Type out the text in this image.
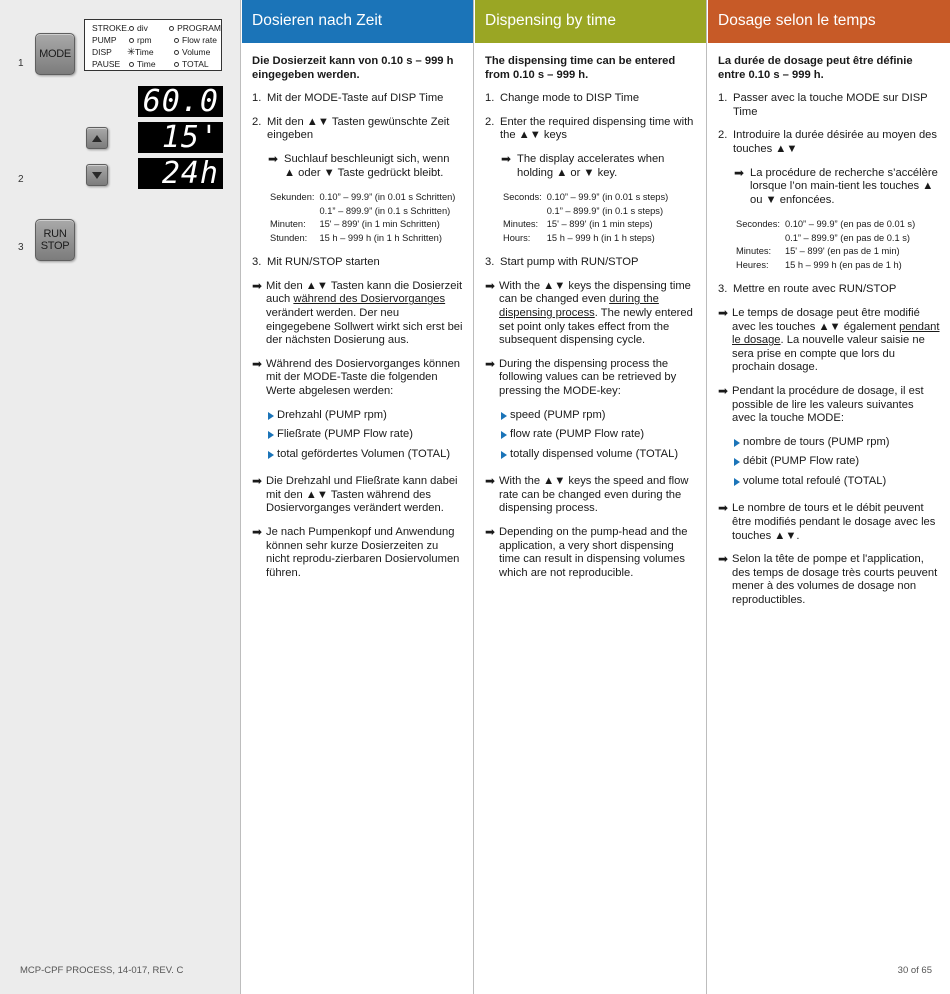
1
2
3
MODE
STROKE. div	PROGRAM
PUMP	rpm	Flow rate
DISP	✳Time	Volume
PAUSE	Time	TOTAL
60.0
15'
24h
RUN
STOP
MCP-CPF PROCESS, 14-017, REV. C
Dosieren nach Zeit
Die Dosierzeit kann von 0.10 s – 999 h eingegeben werden.
1. Mit der MODE-Taste auf DISP Time
2. Mit den ▲▼ Tasten gewünschte Zeit eingeben
➡ Suchlauf beschleunigt sich, wenn ▲ oder ▼ Taste gedrückt bleibt.
Sekunden:	0.10” – 99.9” (in 0.01 s Schritten)
	0.1” – 899.9” (in 0.1 s Schritten)
Minuten:	15' – 899' (in 1 min Schritten)
Stunden:	15 h – 999 h (in 1 h Schritten)
3. Mit RUN/STOP starten
➡ Mit den ▲▼ Tasten kann die Dosierzeit auch während des Dosiervorganges verändert werden. Der neu eingegebene Sollwert wirkt sich erst bei der nächsten Dosierung aus.
➡ Während des Dosiervorganges können mit der MODE-Taste die folgenden Werte abgelesen werden:
Drehzahl (PUMP rpm)
Fließrate (PUMP Flow rate)
total gefördertes Volumen (TOTAL)
➡ Die Drehzahl und Fließrate kann dabei mit den ▲▼ Tasten während des Dosiervorganges verändert werden.
➡ Je nach Pumpenkopf und Anwendung können sehr kurze Dosierzeiten zu nicht reprodu-zierbaren Dosiervolumen führen.
Dispensing by time
The dispensing time can be entered from 0.10 s – 999 h.
1. Change mode to DISP Time
2. Enter the required dispensing time with the ▲▼ keys
➡ The display accelerates when holding ▲ or ▼ key.
Seconds:	0.10” – 99.9” (in 0.01 s steps)
	0.1” – 899.9” (in 0.1 s steps)
Minutes:	15' – 899' (in 1 min steps)
Hours:	15 h – 999 h (in 1 h steps)
3. Start pump with RUN/STOP
➡ With the ▲▼ keys the dispensing time can be changed even during the dispensing process. The newly entered set point only takes effect from the subsequent dispensing cycle.
➡ During the dispensing process the following values can be retrieved by pressing the MODE-key:
speed (PUMP rpm)
flow rate (PUMP Flow rate)
totally dispensed volume (TOTAL)
➡ With the ▲▼ keys the speed and flow rate can be changed even during the dispensing process.
➡ Depending on the pump-head and the application, a very short dispensing time can result in dispensing volumes which are not reproducible.
Dosage selon le temps
La durée de dosage peut être définie entre 0.10 s – 999 h.
1. Passer avec la touche MODE sur DISP Time
2. Introduire la durée désirée au moyen des touches ▲▼
➡ La procédure de recherche s’accélère lorsque l’on main-tient les touches ▲ ou ▼ enfoncées.
Secondes:	0.10” – 99.9” (en pas de 0.01 s)
	0.1” – 899.9” (en pas de 0.1 s)
Minutes:	15' – 899' (en pas de 1 min)
Heures:	15 h – 999 h (en pas de 1 h)
3. Mettre en route avec RUN/STOP
➡ Le temps de dosage peut être modifié avec les touches ▲▼ également pendant le dosage. La nouvelle valeur saisie ne sera prise en compte que lors du prochain dosage.
➡ Pendant la procédure de dosage, il est possible de lire les valeurs suivantes avec la touche MODE:
nombre de tours (PUMP rpm)
débit (PUMP Flow rate)
volume total refoulé (TOTAL)
➡ Le nombre de tours et le débit peuvent être modifiés pendant le dosage avec les touches ▲▼.
➡ Selon la tête de pompe et l'application, des temps de dosage très courts peuvent mener à des volumes de dosage non reproductibles.
30 of 65
